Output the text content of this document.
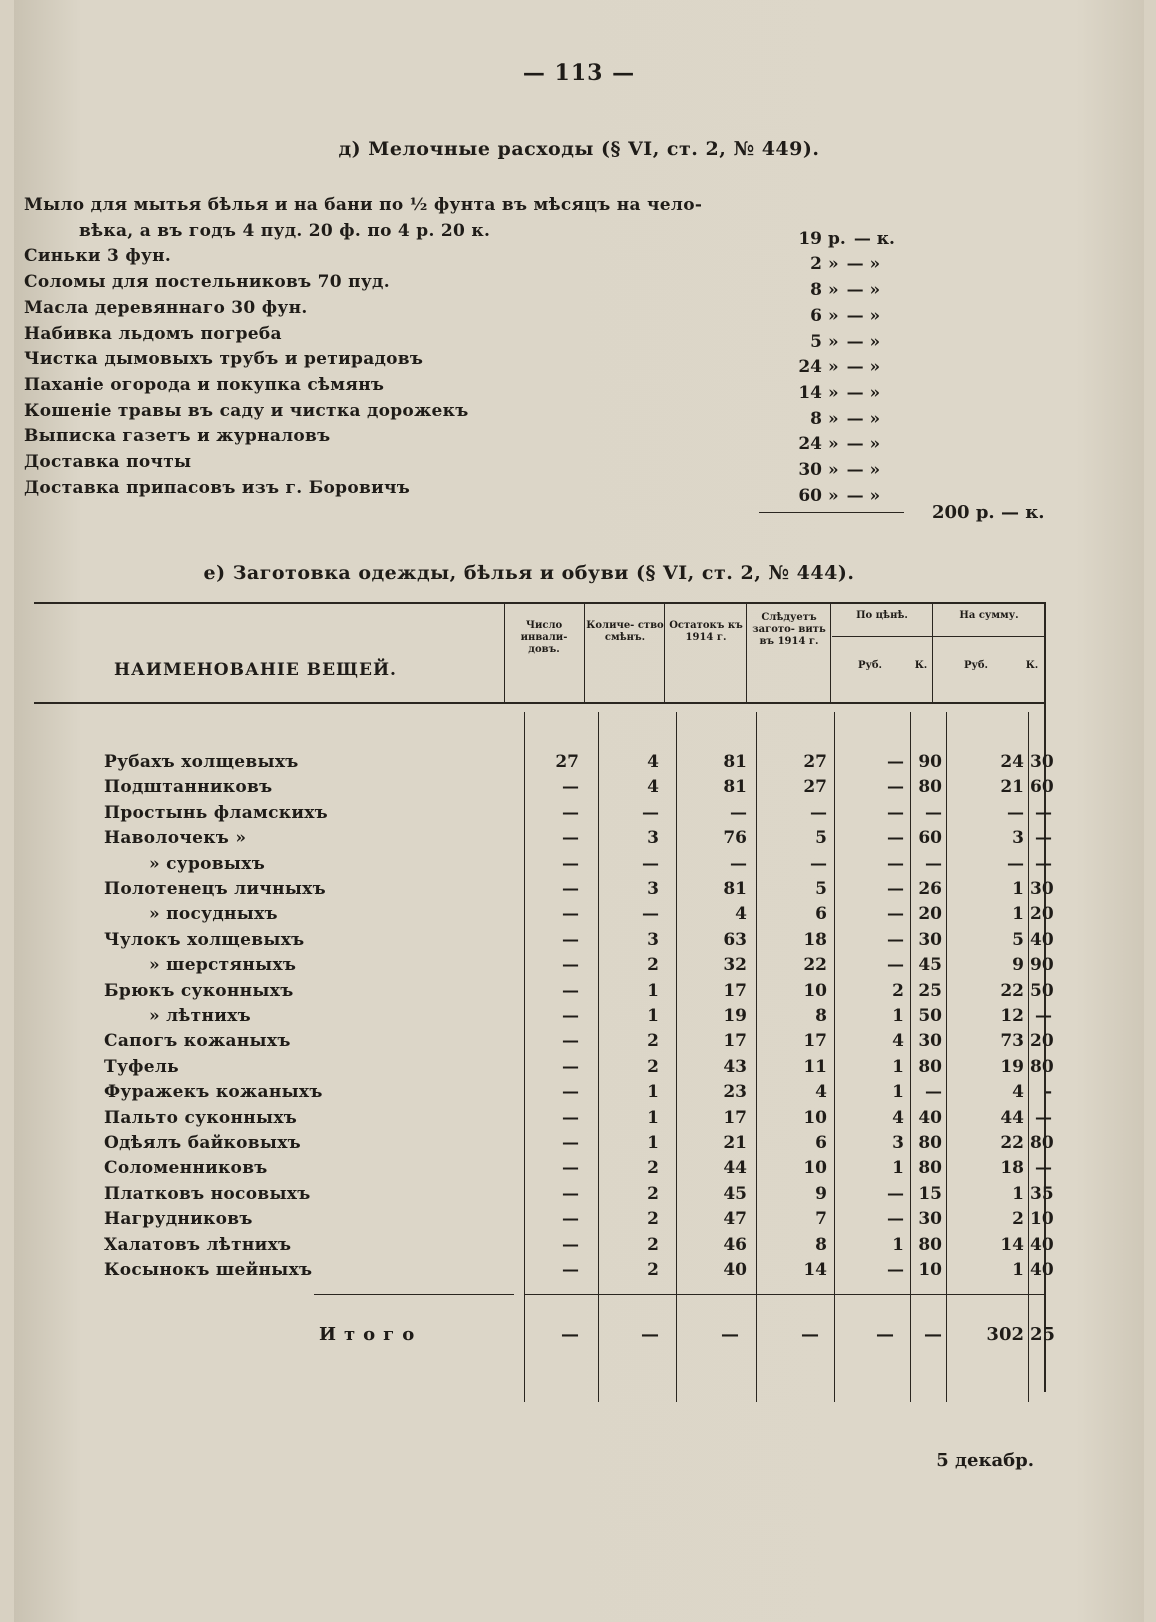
— 113 —
д) Мелочные расходы (§ VI, ст. 2, № 449).
Мыло для мытья бѣлья и на бани по ½ фунта въ мѣсяцъ на чело-
вѣка, а въ годъ 4 пуд. 20 ф. по 4 р. 20 к.	19 р. — к.
Синьки 3 фун.	2 » — »
Соломы для постельниковъ 70 пуд.	8 » — »
Масла деревяннаго 30 фун.	6 » — »
Набивка льдомъ погреба	5 » — »
Чистка дымовыхъ трубъ и ретирадовъ	24 » — »
Паханіе огорода и покупка сѣмянъ	14 » — »
Кошеніе травы въ саду и чистка дорожекъ	8 » — »
Выписка газетъ и журналовъ	24 » — »
Доставка почты	30 » — »
Доставка припасовъ изъ г. Боровичъ	60 » — »
200 р. — к.
е) Заготовка одежды, бѣлья и обуви (§ VI, ст. 2, № 444).
НАИМЕНОВАНІЕ ВЕЩЕЙ.
Число инвали- довъ.
Количе- ство смѣнъ.
Остатокъ къ 1914 г.
Слѣдуетъ загото- вить въ 1914 г.
По цѣнѣ.	На сумму.
Руб.	К.	Руб.	К.
Рубахъ холщевыхъ	27	4	81	27	— 90	24 30
Подштанниковъ	—	4	81	27	— 80	21 60
Простынь фламскихъ	—	—	—	—	—	—	— —
Наволочекъ »	—	3	76	5	— 60	3 —
» суровыхъ	—	—	—	—	—	—	— —
Полотенецъ личныхъ	—	3	81	5	— 26	1 30
» посудныхъ	—	—	4	6	— 20	1 20
Чулокъ холщевыхъ	—	3	63	18	— 30	5 40
» шерстяныхъ	—	2	32	22	— 45	9 90
Брюкъ суконныхъ	—	1	17	10	2 25	22 50
» лѣтнихъ	—	1	19	8	1 50	12 —
Сапогъ кожаныхъ	—	2	17	17	4 30	73 20
Туфель	—	2	43	11	1 80	19 80
Фуражекъ кожаныхъ	—	1	23	4	1	—	4	-
Пальто суконныхъ	—	1	17	10	4 40	44 —
Одѣялъ байковыхъ	—	1	21	6	3 80	22 80
Соломенниковъ	—	2	44	10	1 80	18 —
Платковъ носовыхъ	—	2	45	9	— 15	1 35
Нагрудниковъ	—	2	47	7	— 30	2 10
Халатовъ лѣтнихъ	—	2	46	8	1 80	14 40
Косынокъ шейныхъ	—	2	40	14	— 10	1 40
Итого	—	—	—	—	—	—	302 25
5 декабр.
